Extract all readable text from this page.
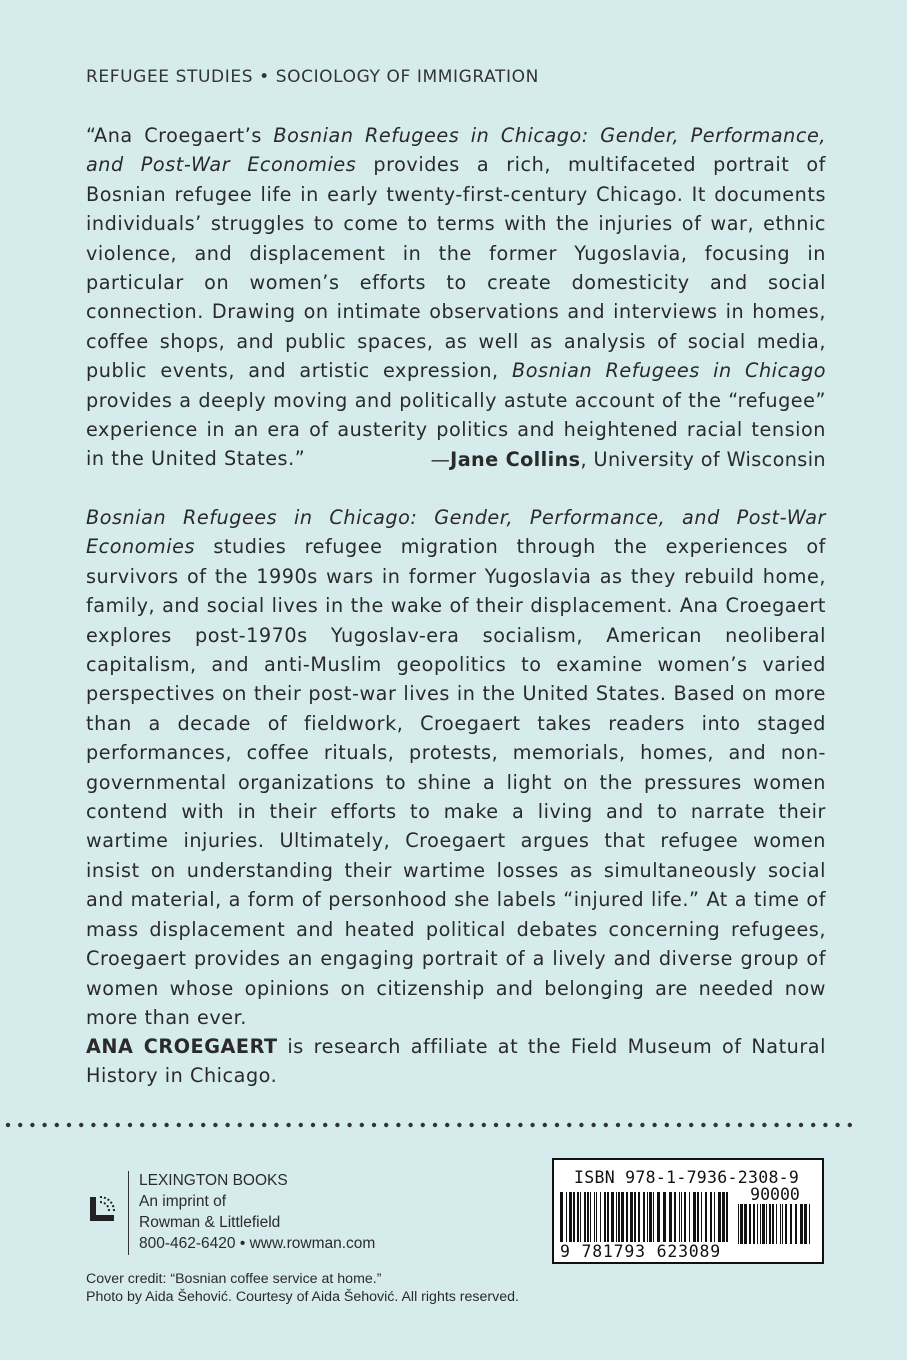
REFUGEE STUDIES • SOCIOLOGY OF IMMIGRATION

“Ana Croegaert’s Bosnian Refugees in Chicago: Gender, Performance, and Post-War Economies provides a rich, multifaceted portrait of Bosnian refugee life in early twenty-first-century Chicago. It documents individuals’ struggles to come to terms with the injuries of war, ethnic violence, and displacement in the former Yugoslavia, focusing in particular on women’s efforts to create domesticity and social connection. Drawing on intimate observations and interviews in homes, coffee shops, and public spaces, as well as analysis of social media, public events, and artistic expression, Bosnian Refugees in Chicago provides a deeply moving and politically astute account of the “refugee” experience in an era of austerity politics and heightened racial tension in the United States.”	—Jane Collins, University of Wisconsin

Bosnian Refugees in Chicago: Gender, Performance, and Post-War Economies studies refugee migration through the experiences of survivors of the 1990s wars in former Yugoslavia as they rebuild home, family, and social lives in the wake of their displacement. Ana Croegaert explores post-1970s Yugoslav-era socialism, American neoliberal capitalism, and anti-Muslim geopolitics to examine women’s varied perspectives on their post-war lives in the United States. Based on more than a decade of fieldwork, Croegaert takes readers into staged performances, coffee rituals, protests, memorials, homes, and non-governmental organizations to shine a light on the pressures women contend with in their efforts to make a living and to narrate their wartime injuries. Ultimately, Croegaert argues that refugee women insist on understanding their wartime losses as simultaneously social and material, a form of personhood she labels “injured life.” At a time of mass displacement and heated political debates concerning refugees, Croegaert provides an engaging portrait of a lively and diverse group of women whose opinions on citizenship and belonging are needed now more than ever.

ANA CROEGAERT is research affiliate at the Field Museum of Natural History in Chicago.

LEXINGTON BOOKS
An imprint of
Rowman & Littlefield
800-462-6420 • www.rowman.com
ISBN 978-1-7936-2308-9
90000
9 781793 623089
Cover credit: “Bosnian coffee service at home.”
Photo by Aida Šehović. Courtesy of Aida Šehović. All rights reserved.
